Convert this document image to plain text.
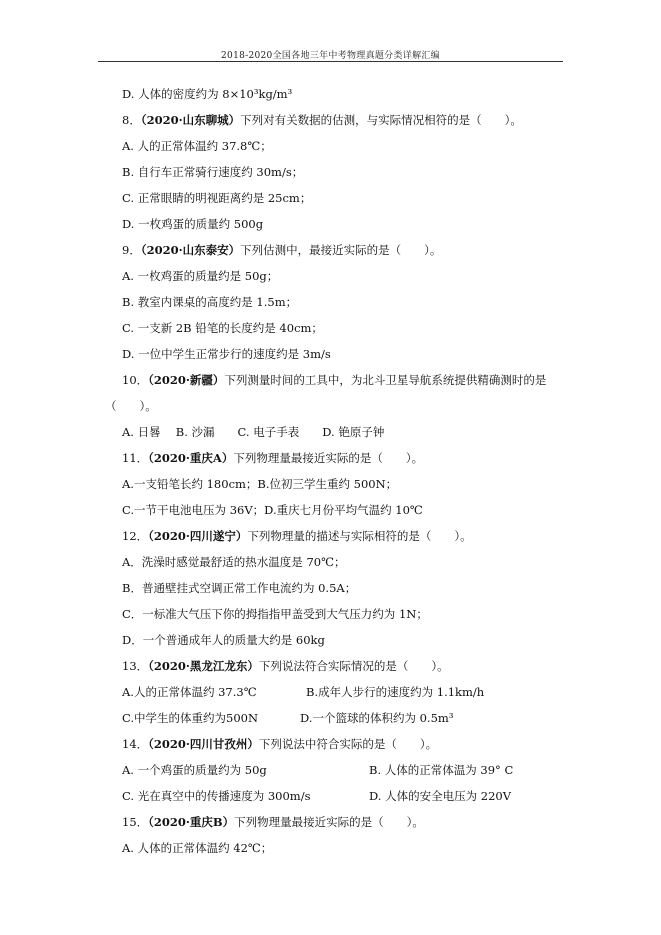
2018-2020全国各地三年中考物理真题分类详解汇编
D. 人体的密度约为 8×10³kg/m³
8．（2020·山东聊城）下列对有关数据的估测，与实际情况相符的是（　　）。
A. 人的正常体温约 37.8℃；
B. 自行车正常骑行速度约 30m/s；
C. 正常眼睛的明视距离约是 25cm；
D. 一枚鸡蛋的质量约 500g
9．（2020·山东泰安）下列估测中，最接近实际的是（　　）。
A. 一枚鸡蛋的质量约是 50g；
B. 教室内课桌的高度约是 1.5m；
C. 一支新 2B 铅笔的长度约是 40cm；
D. 一位中学生正常步行的速度约是 3m/s
10．（2020·新疆）下列测量时间的工具中，为北斗卫星导航系统提供精确测时的是
（　　）。
A. 日晷　 B. 沙漏　　C. 电子手表　　D. 铯原子钟
11．（2020·重庆A）下列物理量最接近实际的是（　　）。
A.一支铅笔长约 180cm；B.位初三学生重约 500N；
C.一节干电池电压为 36V；D.重庆七月份平均气温约 10℃
12．（2020·四川遂宁）下列物理量的描述与实际相符的是（　　）。
A．洗澡时感觉最舒适的热水温度是 70℃；
B．普通壁挂式空调正常工作电流约为 0.5A；
C．一标准大气压下你的拇指指甲盖受到大气压力约为 1N；
D．一个普通成年人的质量大约是 60kg
13．（2020·黑龙江龙东）下列说法符合实际情况的是（　　）。
A.人的正常体温约 37.3℃	B.成年人步行的速度约为 1.1km/h
C.中学生的体重约为500N	D.一个篮球的体积约为 0.5m³
14．（2020·四川甘孜州）下列说法中符合实际的是（　　）。
A. 一个鸡蛋的质量约为 50g	B. 人体的正常体温为 39° C
C. 光在真空中的传播速度为 300m/s	D. 人体的安全电压为 220V
15．（2020·重庆B）下列物理量最接近实际的是（　　）。
A. 人体的正常体温约 42℃；
